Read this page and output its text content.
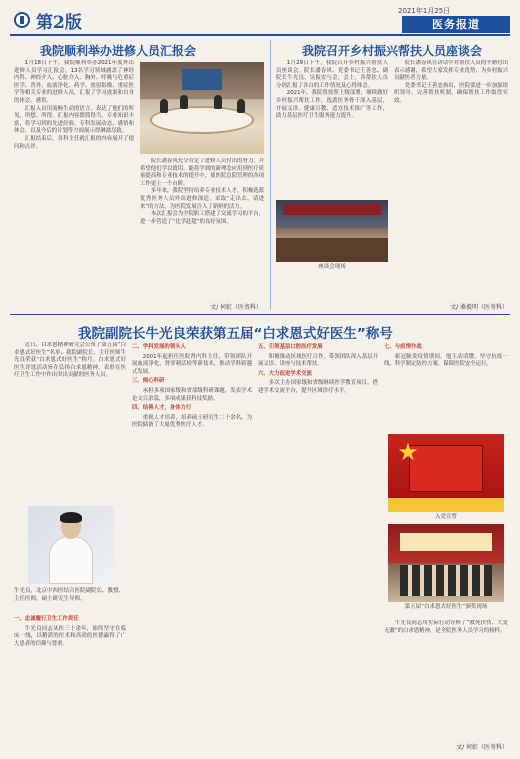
第2版
2021年1月25日
医务报道
我院顺利举办进修人员汇报会

1月18日下午，我院顺利举办2021年度外出进修人员学习汇报会。13名学习领域涵盖了神经内科、神经介入、心脏介入、胸外、呼吸与危重症医学、普外、血液净化、药学、放射影像、重症医学等相关专业的进修人员，汇报了学习成果和自身的体会、感悟。

汇报人员用流畅生动的语言，表达了他们的所见、所想、所得。汇报内容繁简得当，专业知识丰富，将学习到的先进经验、专科发展动态、感悟和体会，以及今后的计划等方面展示得淋漓尽致。

汇报结束后，各科主任就汇报的内容展开了提问和点评。

院长潘春风充分肯定了进修人员付出的努力，并希望他们学以致用，能将学到的新理念应用到医疗质量提高和专业技术的提升中，使医院总院管理的各项工作更上一个台阶。

多年来，我院坚持培养专业技术人才，积极选派优秀医务人员外出进修深造，采取“走出去、请进来”的方法，为医院发展注入了新鲜的活力。

本次汇报会为全院职工搭建了交流学习的平台，进一步营造了“比学赶超”的良好氛围。

文/ 何虹（医务科）
我院召开乡村振兴帮扶人员座谈会

1月29日下午，我院召开乡村振兴帮扶人员座谈会。院长潘春风、党委书记王善忠、副院长牛光良、吴振安与会。会上，各帮扶人员分别汇报了各自的工作情况及心得体会。

2021年，我院将按照上级部署，继续做好乡村振兴帮扶工作，选派医务骨干深入基层，开展义诊、健康宣教、适宜技术推广等工作，助力基层医疗卫生服务能力提升。

座谈会现场

院长潘春风在讲话中对帮扶人员的辛勤付出表示感谢，希望大家发挥专业优势，为乡村振兴贡献医者力量。

党委书记王善忠指出，医院要进一步加强组织领导，完善帮扶机制，确保帮扶工作取得实效。

文/ 桑毅明（医务科）
我院副院长牛光良荣获第五届“白求恩式好医生”称号

近日，白求恩精神研究会公布了第五届“白求恩式好医生”名单，我院副院长、主任医师牛光良荣获“白求恩式好医生”称号。白求恩式好医生评选活动旨在弘扬白求恩精神，表彰在医疗卫生工作中作出突出贡献的医务人员。

牛光良，北京中西医结合医院副院长、教授、主任医师，硕士研究生导师。

一、忠诚履行卫生工作责任

牛光良同志从医三十余年，始终坚守在临床一线，以精湛的医术和高尚的医德赢得了广大患者的信赖与尊重。

二、学科发展的领头人

2001年起担任医院肾内科主任，带领团队开展血液净化、肾穿刺活检等新技术，推动学科跨越式发展。

三、倾心科研

承担多项国家级和省部级科研课题，发表学术论文百余篇，多项成果获科技奖励。

四、结善人才，身体力行

重视人才培养，培养硕士研究生二十余名，为医院储备了大量优秀医疗人才。

五、引领基层口腔医疗发展

积极推动区域医疗合作，带领团队深入基层开展义诊、讲座与技术帮扶。

六、大力促进学术交流

多次主办国家级和省级继续医学教育项目，搭建学术交流平台，提升区域诊疗水平。

七、与疫情作战

新冠肺炎疫情期间，他主动请缨，坚守抗疫一线，科学制定防控方案，保障医院安全运行。

★
入党宣誓
第五届“白求恩式好医生”颁奖现场

牛光良同志用实际行动诠释了“救死扶伤、大爱无疆”的白求恩精神，是全院医务人员学习的榜样。

文/ 何虹（医务科）
